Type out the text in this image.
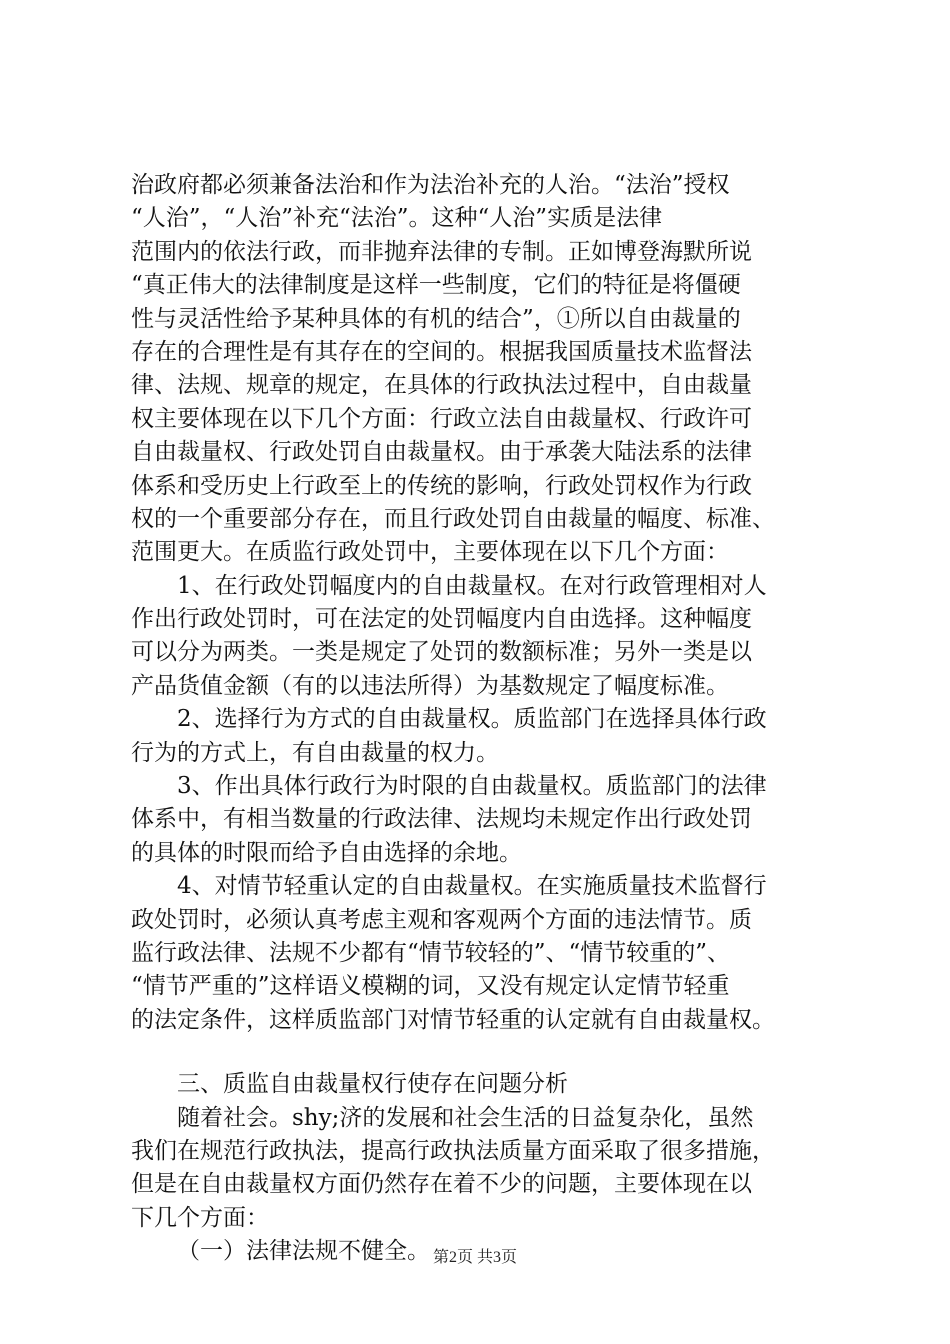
治政府都必须兼备法治和作为法治补充的人治。“法治”授权
“人治”，“人治”补充“法治”。这种“人治”实质是法律
范围内的依法行政，而非抛弃法律的专制。正如博登海默所说
“真正伟大的法律制度是这样一些制度，它们的特征是将僵硬
性与灵活性给予某种具体的有机的结合”，①所以自由裁量的
存在的合理性是有其存在的空间的。根据我国质量技术监督法
律、法规、规章的规定，在具体的行政执法过程中，自由裁量
权主要体现在以下几个方面：行政立法自由裁量权、行政许可
自由裁量权、行政处罚自由裁量权。由于承袭大陆法系的法律
体系和受历史上行政至上的传统的影响，行政处罚权作为行政
权的一个重要部分存在，而且行政处罚自由裁量的幅度、标准、
范围更大。在质监行政处罚中，主要体现在以下几个方面：
1、在行政处罚幅度内的自由裁量权。在对行政管理相对人
作出行政处罚时，可在法定的处罚幅度内自由选择。这种幅度
可以分为两类。一类是规定了处罚的数额标准；另外一类是以
产品货值金额（有的以违法所得）为基数规定了幅度标准。
2、选择行为方式的自由裁量权。质监部门在选择具体行政
行为的方式上，有自由裁量的权力。
3、作出具体行政行为时限的自由裁量权。质监部门的法律
体系中，有相当数量的行政法律、法规均未规定作出行政处罚
的具体的时限而给予自由选择的余地。
4、对情节轻重认定的自由裁量权。在实施质量技术监督行
政处罚时，必须认真考虑主观和客观两个方面的违法情节。质
监行政法律、法规不少都有“情节较轻的”、“情节较重的”、
“情节严重的”这样语义模糊的词，又没有规定认定情节轻重
的法定条件，这样质监部门对情节轻重的认定就有自由裁量权。
三、质监自由裁量权行使存在问题分析
随着社会。shy;济的发展和社会生活的日益复杂化，虽然
我们在规范行政执法，提高行政执法质量方面采取了很多措施，
但是在自由裁量权方面仍然存在着不少的问题，主要体现在以
下几个方面：
（一）法律法规不健全。 第2页 共3页
